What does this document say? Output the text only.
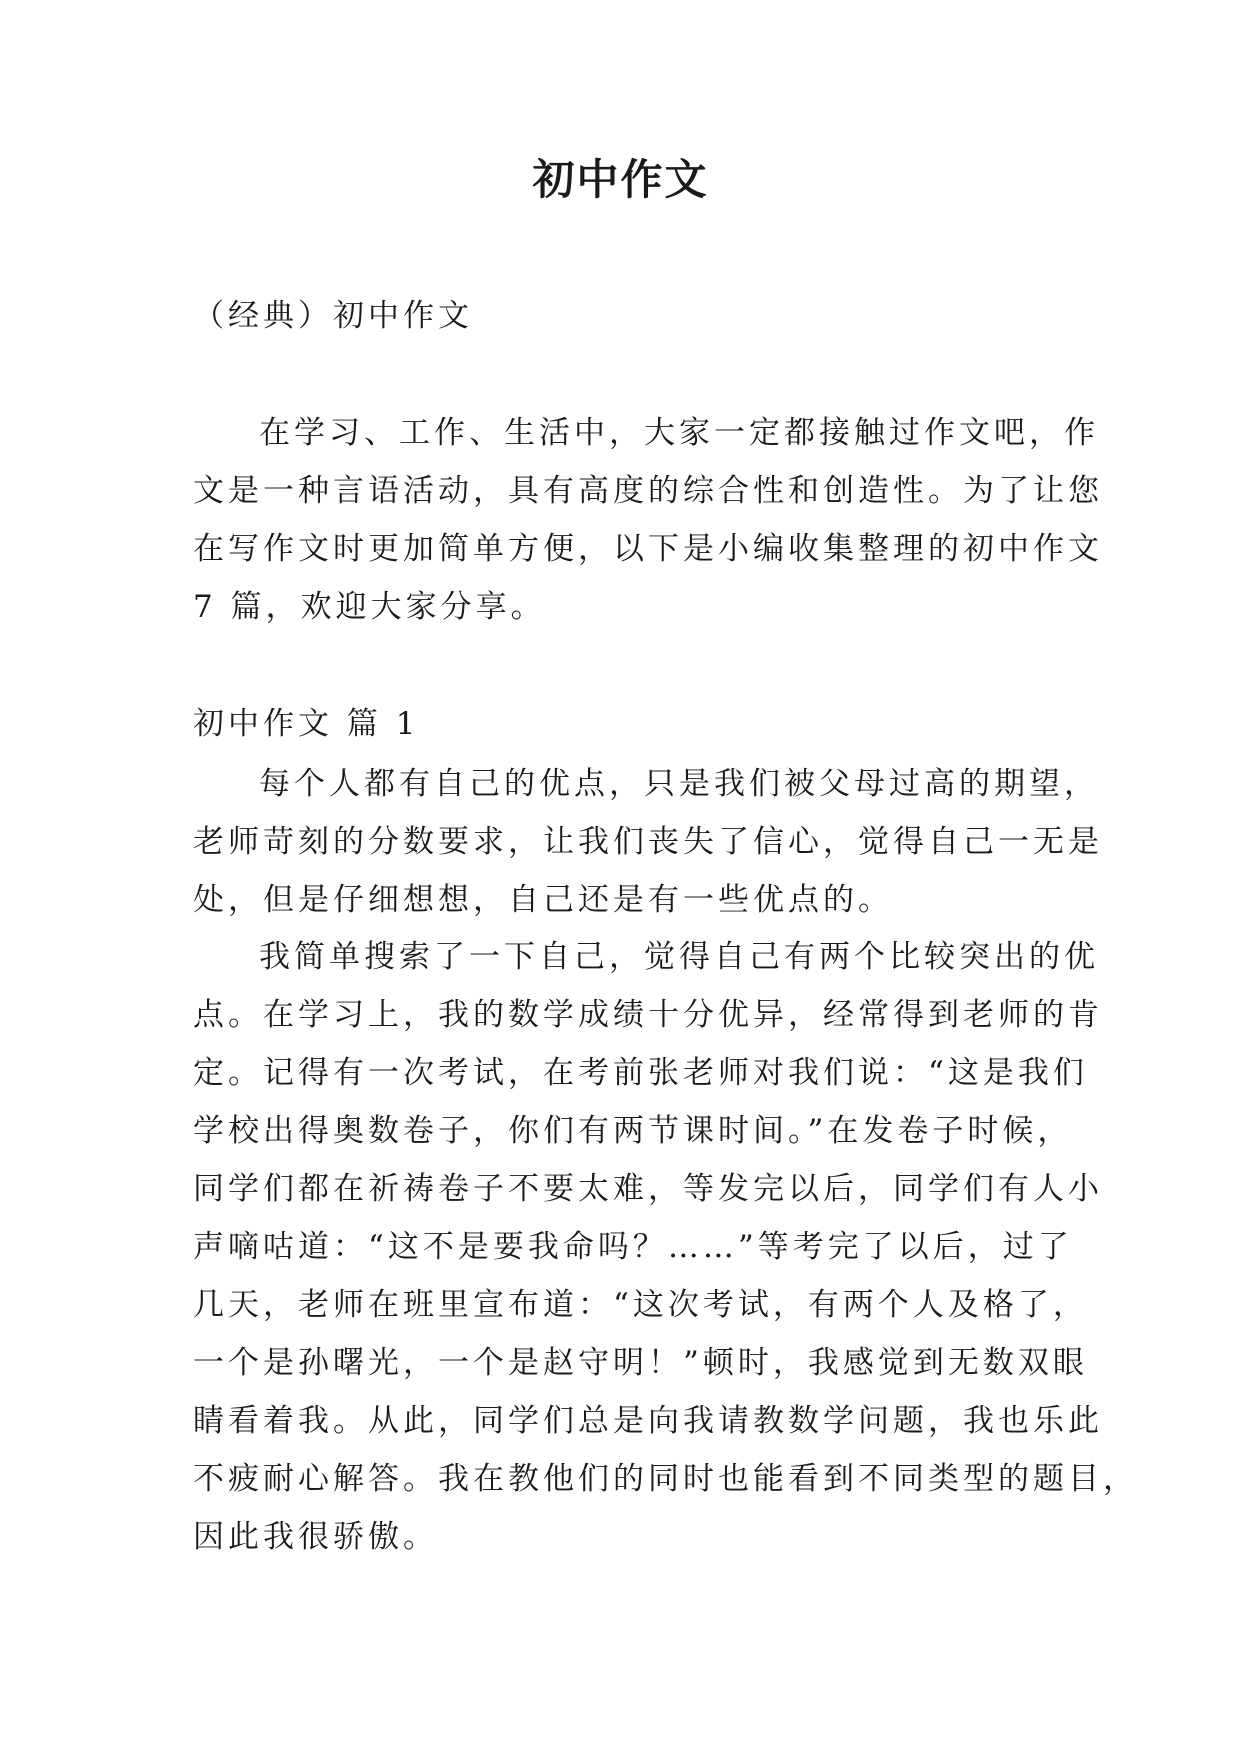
初中作文
（经典）初中作文
在学习、工作、生活中，大家一定都接触过作文吧，作
文是一种言语活动，具有高度的综合性和创造性。为了让您
在写作文时更加简单方便，以下是小编收集整理的初中作文
7 篇，欢迎大家分享。
初中作文 篇 1
每个人都有自己的优点，只是我们被父母过高的期望，
老师苛刻的分数要求，让我们丧失了信心，觉得自己一无是
处，但是仔细想想，自己还是有一些优点的。
我简单搜索了一下自己，觉得自己有两个比较突出的优
点。在学习上，我的数学成绩十分优异，经常得到老师的肯
定。记得有一次考试，在考前张老师对我们说：“这是我们
学校出得奥数卷子，你们有两节课时间。”在发卷子时候，
同学们都在祈祷卷子不要太难，等发完以后，同学们有人小
声嘀咕道：“这不是要我命吗？……”等考完了以后，过了
几天，老师在班里宣布道：“这次考试，有两个人及格了，
一个是孙曙光，一个是赵守明！”顿时，我感觉到无数双眼
睛看着我。从此，同学们总是向我请教数学问题，我也乐此
不疲耐心解答。我在教他们的同时也能看到不同类型的题目，
因此我很骄傲。
